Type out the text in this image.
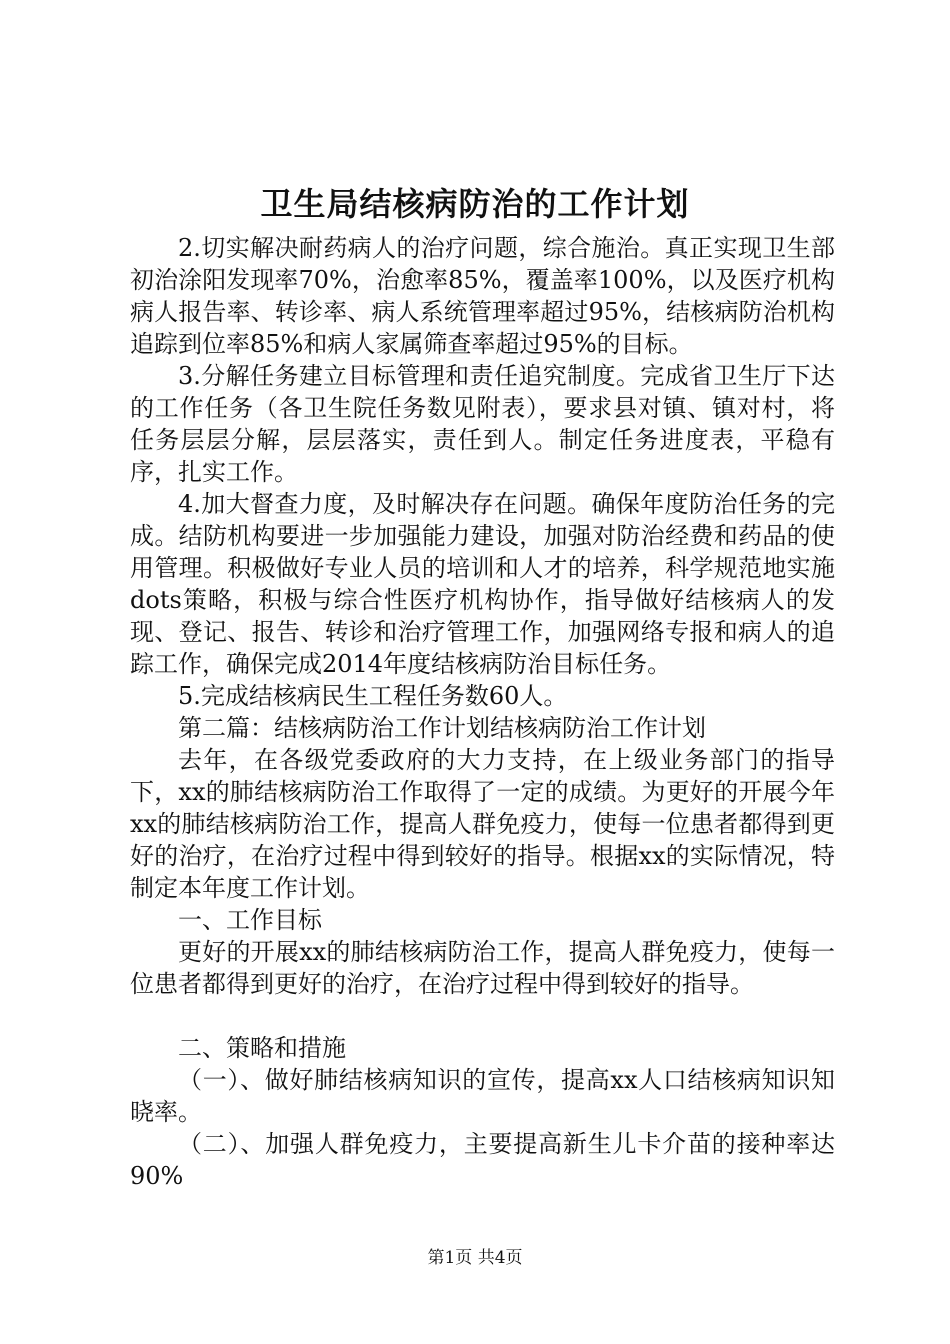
卫生局结核病防治的工作计划

2.切实解决耐药病人的治疗问题，综合施治。真正实现卫生部初治涂阳发现率70%，治愈率85%，覆盖率100%，以及医疗机构病人报告率、转诊率、病人系统管理率超过95%，结核病防治机构追踪到位率85%和病人家属筛查率超过95%的目标。

3.分解任务建立目标管理和责任追究制度。完成省卫生厅下达的工作任务（各卫生院任务数见附表），要求县对镇、镇对村，将任务层层分解，层层落实，责任到人。制定任务进度表，平稳有序，扎实工作。

4.加大督查力度，及时解决存在问题。确保年度防治任务的完成。结防机构要进一步加强能力建设，加强对防治经费和药品的使用管理。积极做好专业人员的培训和人才的培养，科学规范地实施dots策略，积极与综合性医疗机构协作，指导做好结核病人的发现、登记、报告、转诊和治疗管理工作，加强网络专报和病人的追踪工作，确保完成2014年度结核病防治目标任务。

5.完成结核病民生工程任务数60人。

第二篇：结核病防治工作计划结核病防治工作计划

去年，在各级党委政府的大力支持，在上级业务部门的指导下，xx的肺结核病防治工作取得了一定的成绩。为更好的开展今年xx的肺结核病防治工作，提高人群免疫力，使每一位患者都得到更好的治疗，在治疗过程中得到较好的指导。根据xx的实际情况，特制定本年度工作计划。

一、工作目标

更好的开展xx的肺结核病防治工作，提高人群免疫力，使每一位患者都得到更好的治疗，在治疗过程中得到较好的指导。

二、策略和措施

（一）、做好肺结核病知识的宣传，提高xx人口结核病知识知晓率。

（二）、加强人群免疫力，主要提高新生儿卡介苗的接种率达90%

第1页 共4页
